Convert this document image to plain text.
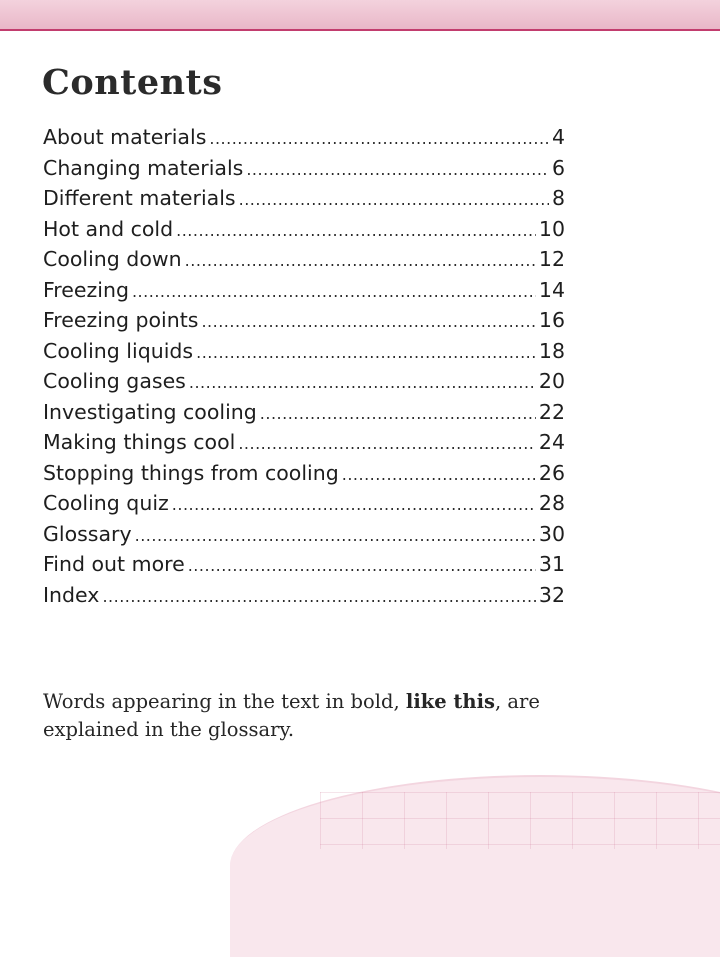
Contents
About materials .....	4
Changing materials .....	6
Different materials .....	8
Hot and cold .....	10
Cooling down .....	12
Freezing .....	14
Freezing points .....	16
Cooling liquids .....	18
Cooling gases .....	20
Investigating cooling .....	22
Making things cool .....	24
Stopping things from cooling .....	26
Cooling quiz .....	28
Glossary .....	30
Find out more .....	31
Index .....	32

Words appearing in the text in bold, like this, are explained in the glossary.
